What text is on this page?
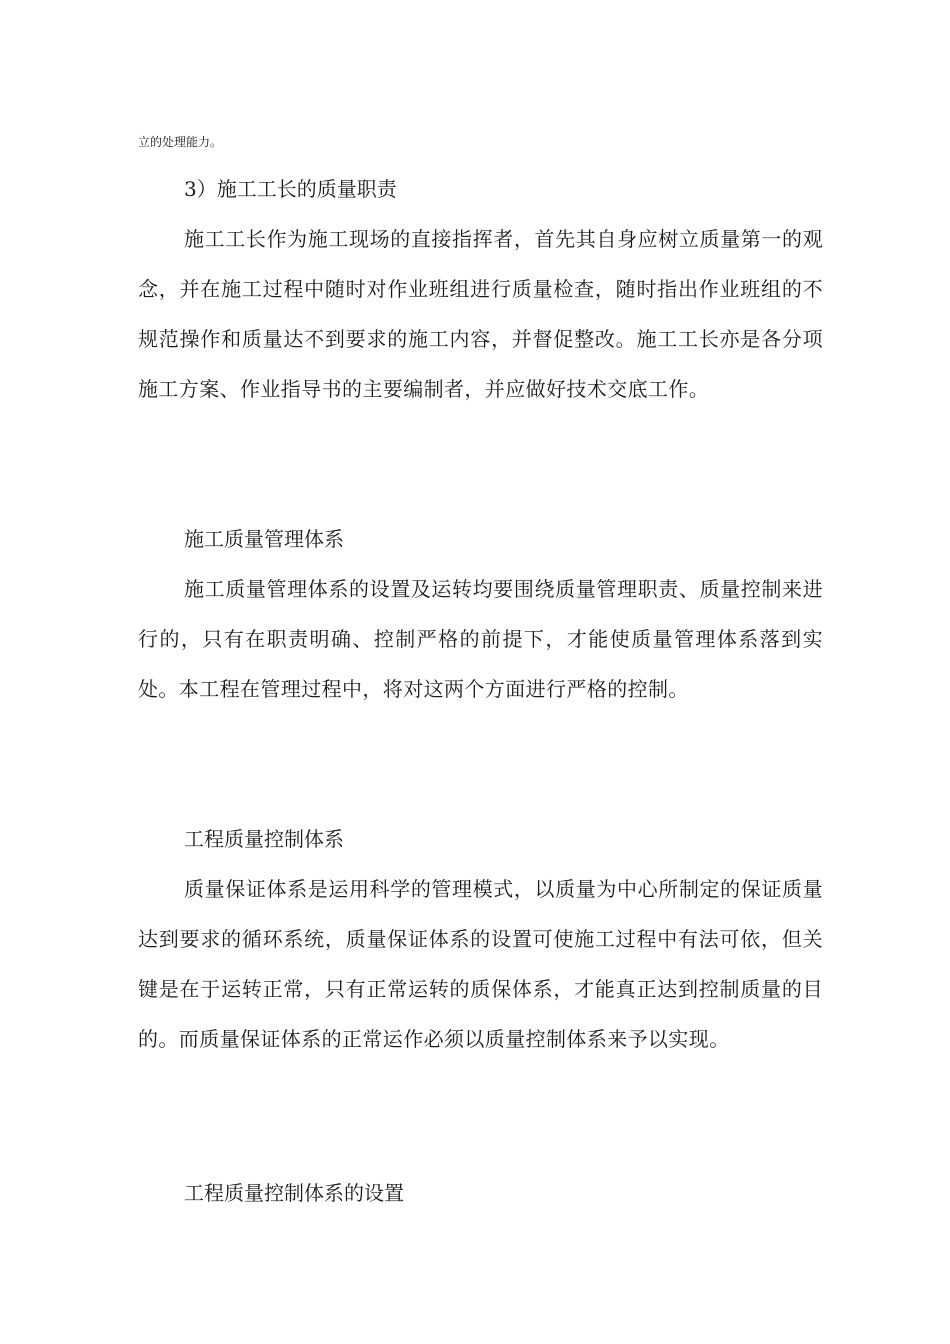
立的处理能力。
3）施工工长的质量职责

施工工长作为施工现场的直接指挥者，首先其自身应树立质量第一的观念，并在施工过程中随时对作业班组进行质量检查，随时指出作业班组的不规范操作和质量达不到要求的施工内容，并督促整改。施工工长亦是各分项施工方案、作业指导书的主要编制者，并应做好技术交底工作。

施工质量管理体系

施工质量管理体系的设置及运转均要围绕质量管理职责、质量控制来进行的，只有在职责明确、控制严格的前提下，才能使质量管理体系落到实处。本工程在管理过程中，将对这两个方面进行严格的控制。

工程质量控制体系

质量保证体系是运用科学的管理模式，以质量为中心所制定的保证质量达到要求的循环系统，质量保证体系的设置可使施工过程中有法可依，但关键是在于运转正常，只有正常运转的质保体系，才能真正达到控制质量的目的。而质量保证体系的正常运作必须以质量控制体系来予以实现。

工程质量控制体系的设置
